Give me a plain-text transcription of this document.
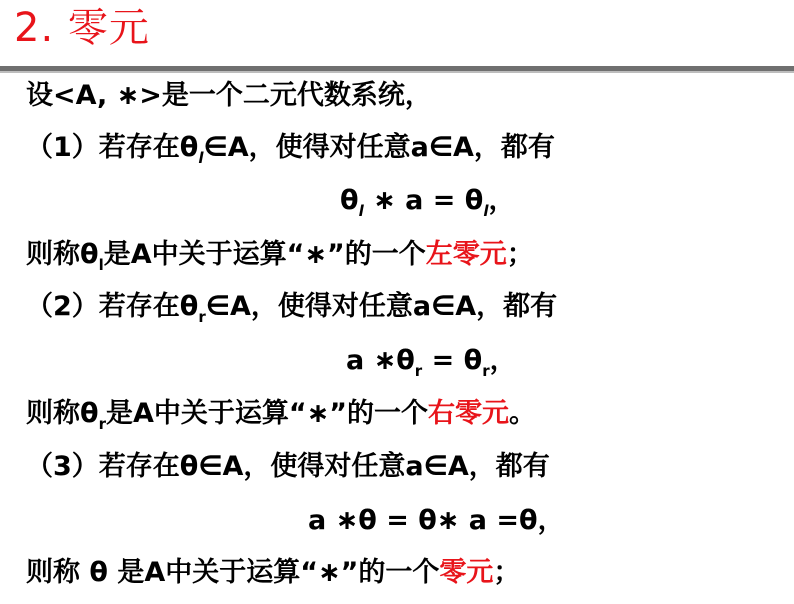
2. 零元
设<A, ∗>是一个二元代数系统，
（1）若存在$\theta_l\in A$，使得对任意a∈A，都有
$\theta_l$ ∗ $a = \theta_l$，
则称$\theta_l$是A中关于运算“∗”的一个左零元；
（2）若存在$\theta_r\in A$，使得对任意a∈A，都有
a $∗\theta_r = \theta_r$，
则称$\theta_r$是A中关于运算“∗”的一个右零元。
（3）若存在θ∈A，使得对任意a∈A，都有
a ∗θ = θ∗ a =θ，
则称 θ 是A中关于运算“∗”的一个零元；
